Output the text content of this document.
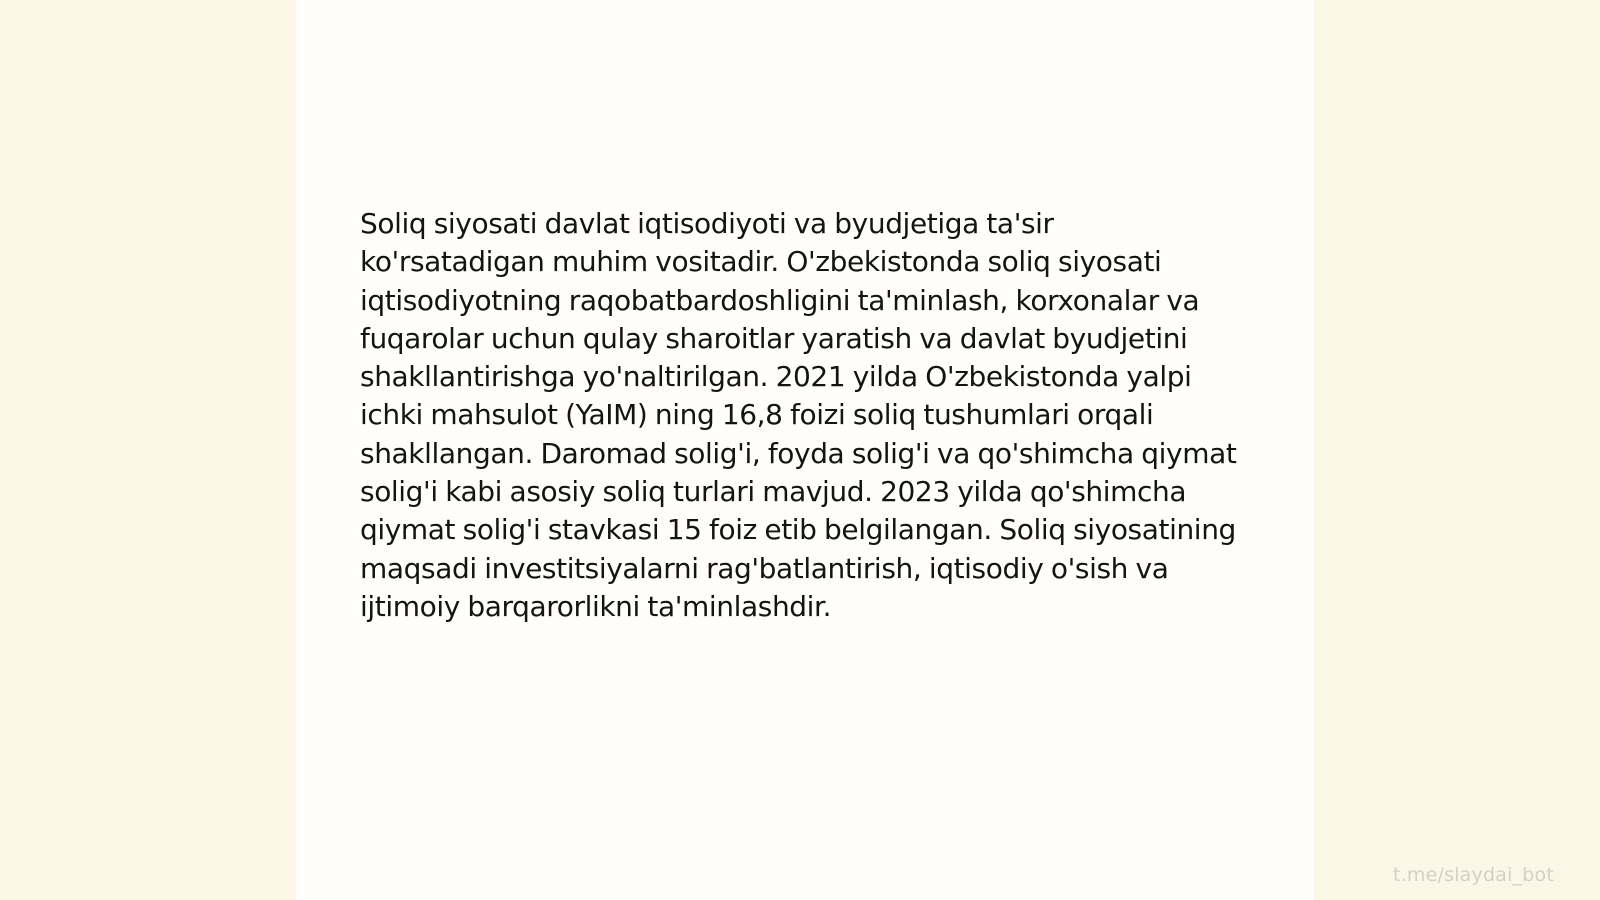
Soliq siyosati davlat iqtisodiyoti va byudjetiga ta'sir ko'rsatadigan muhim vositadir. O'zbekistonda soliq siyosati iqtisodiyotning raqobatbardoshligini ta'minlash, korxonalar va fuqarolar uchun qulay sharoitlar yaratish va davlat byudjetini shakllantirishga yo'naltirilgan. 2021 yilda O'zbekistonda yalpi ichki mahsulot (YaIM) ning 16,8 foizi soliq tushumlari orqali shakllangan. Daromad solig'i, foyda solig'i va qo'shimcha qiymat solig'i kabi asosiy soliq turlari mavjud. 2023 yilda qo'shimcha qiymat solig'i stavkasi 15 foiz etib belgilangan. Soliq siyosatining maqsadi investitsiyalarni rag'batlantirish, iqtisodiy o'sish va ijtimoiy barqarorlikni ta'minlashdir.

t.me/slaydai_bot
